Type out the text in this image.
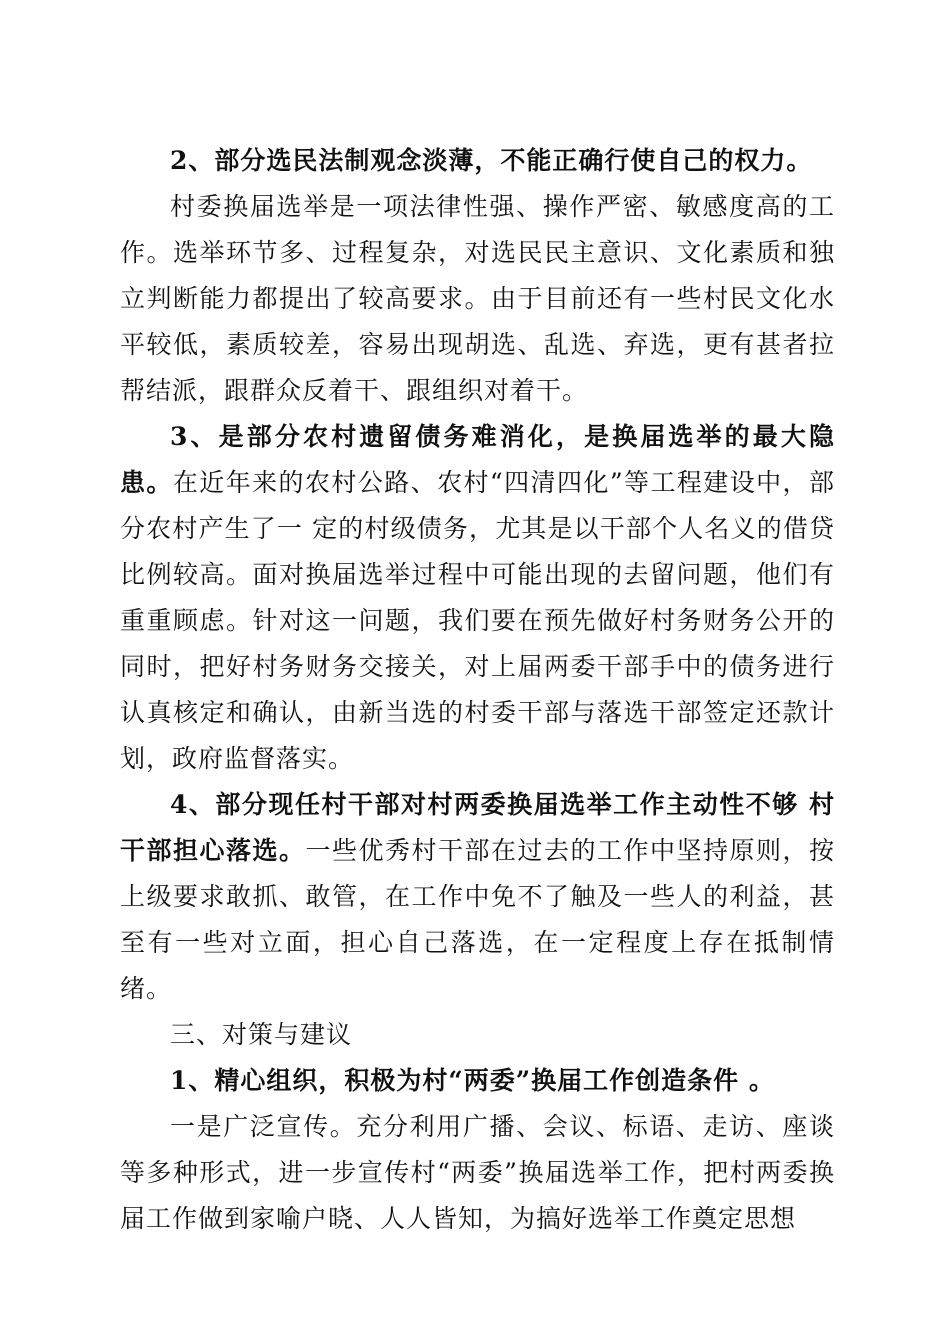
2、部分选民法制观念淡薄，不能正确行使自己的权力。

村委换届选举是一项法律性强、操作严密、敏感度高的工作。选举环节多、过程复杂，对选民民主意识、文化素质和独立判断能力都提出了较高要求。由于目前还有一些村民文化水平较低，素质较差，容易出现胡选、乱选、弃选，更有甚者拉帮结派，跟群众反着干、跟组织对着干。

3、是部分农村遗留债务难消化，是换届选举的最大隐患。在近年来的农村公路、农村“四清四化”等工程建设中，部分农村产生了一 定的村级债务，尤其是以干部个人名义的借贷比例较高。面对换届选举过程中可能出现的去留问题，他们有重重顾虑。针对这一问题，我们要在预先做好村务财务公开的同时，把好村务财务交接关，对上届两委干部手中的债务进行认真核定和确认，由新当选的村委干部与落选干部签定还款计划，政府监督落实。

4、部分现任村干部对村两委换届选举工作主动性不够 村干部担心落选。一些优秀村干部在过去的工作中坚持原则，按上级要求敢抓、敢管，在工作中免不了触及一些人的利益，甚至有一些对立面，担心自己落选，在一定程度上存在抵制情绪。

三、对策与建议

1、精心组织，积极为村“两委”换届工作创造条件 。

一是广泛宣传。充分利用广播、会议、标语、走访、座谈等多种形式，进一步宣传村“两委”换届选举工作，把村两委换届工作做到家喻户晓、人人皆知，为搞好选举工作奠定思想
